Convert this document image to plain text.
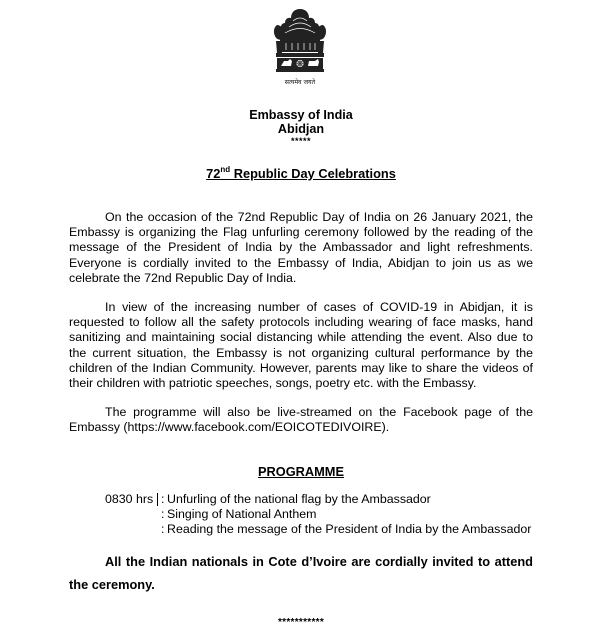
सत्यमेव जयते
Embassy of India
Abidjan
*****
72nd Republic Day Celebrations

On the occasion of the 72nd Republic Day of India on 26 January 2021, the Embassy is organizing the Flag unfurling ceremony followed by the reading of the message of the President of India by the Ambassador and light refreshments. Everyone is cordially invited to the Embassy of India, Abidjan to join us as we celebrate the 72nd Republic Day of India.

In view of the increasing number of cases of COVID-19 in Abidjan, it is requested to follow all the safety protocols including wearing of face masks, hand sanitizing and maintaining social distancing while attending the event. Also due to the current situation, the Embassy is not organizing cultural performance by the children of the Indian Community. However, parents may like to share the videos of their children with patriotic speeches, songs, poetry etc. with the Embassy.

The programme will also be live-streamed on the Facebook page of the Embassy (https://www.facebook.com/EOICOTEDIVOIRE).

PROGRAMME
0830 hrs : Unfurling of the national flag by the Ambassador
: Singing of National Anthem
: Reading the message of the President of India by the Ambassador

All the Indian nationals in Cote d’Ivoire are cordially invited to attend the ceremony.

***********
